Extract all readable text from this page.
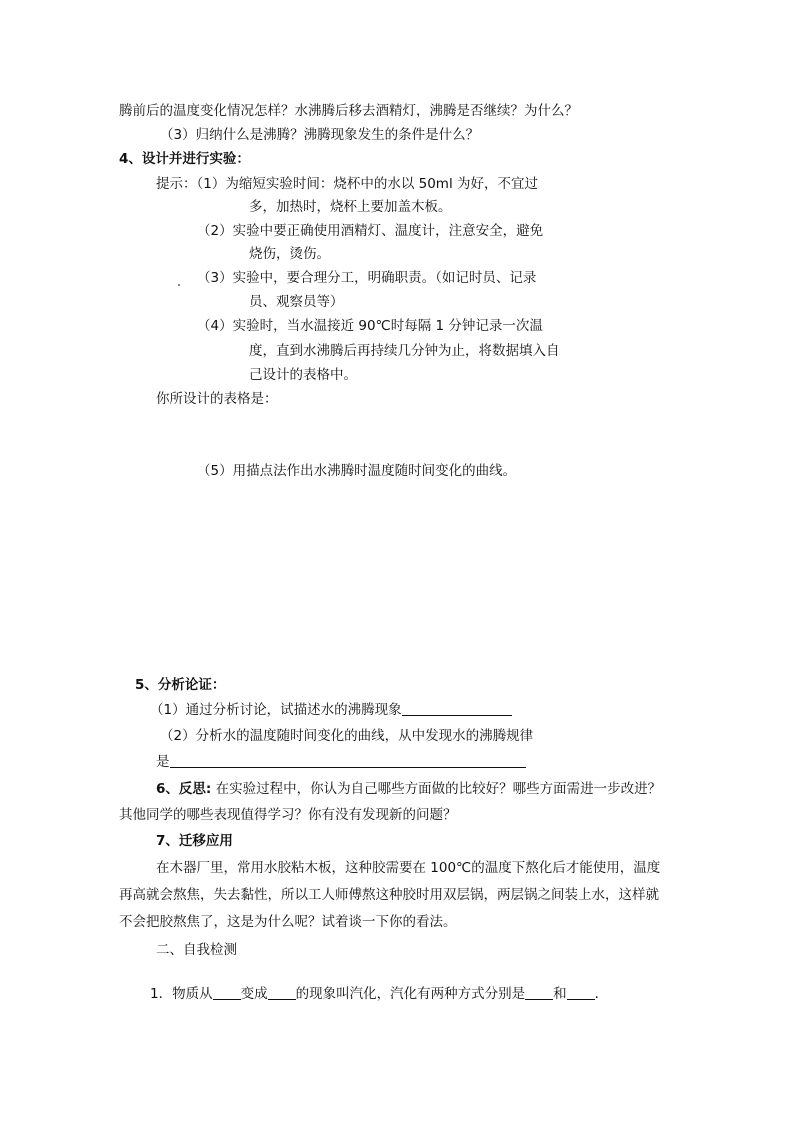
腾前后的温度变化情况怎样？水沸腾后移去酒精灯，沸腾是否继续？为什么？

（3）归纳什么是沸腾？沸腾现象发生的条件是什么？

4、设计并进行实验：

提示：（1）为缩短实验时间：烧杯中的水以 50ml 为好，不宜过

多，加热时，烧杯上要加盖木板。

（2）实验中要正确使用酒精灯、温度计，注意安全，避免

烧伤，烫伤。

（3）实验中，要合理分工，明确职责。（如记时员、记录

员、观察员等）

（4）实验时，当水温接近 90℃时每隔 1 分钟记录一次温

度，直到水沸腾后再持续几分钟为止，将数据填入自

己设计的表格中。

你所设计的表格是：

（5）用描点法作出水沸腾时温度随时间变化的曲线。

5、分析论证：

（1）通过分析讨论，试描述水的沸腾现象

（2）分析水的温度随时间变化的曲线，从中发现水的沸腾规律

是

6、反思: 在实验过程中，你认为自己哪些方面做的比较好？哪些方面需进一步改进？

其他同学的哪些表现值得学习？你有没有发现新的问题？

7、迁移应用

在木器厂里，常用水胶粘木板，这种胶需要在 100℃的温度下熬化后才能使用，温度

再高就会熬焦，失去黏性，所以工人师傅熬这种胶时用双层锅，两层锅之间装上水，这样就

不会把胶熬焦了，这是为什么呢？试着谈一下你的看法。

二、自我检测

1．物质从 变成 的现象叫汽化，汽化有两种方式分别是 和 ．
